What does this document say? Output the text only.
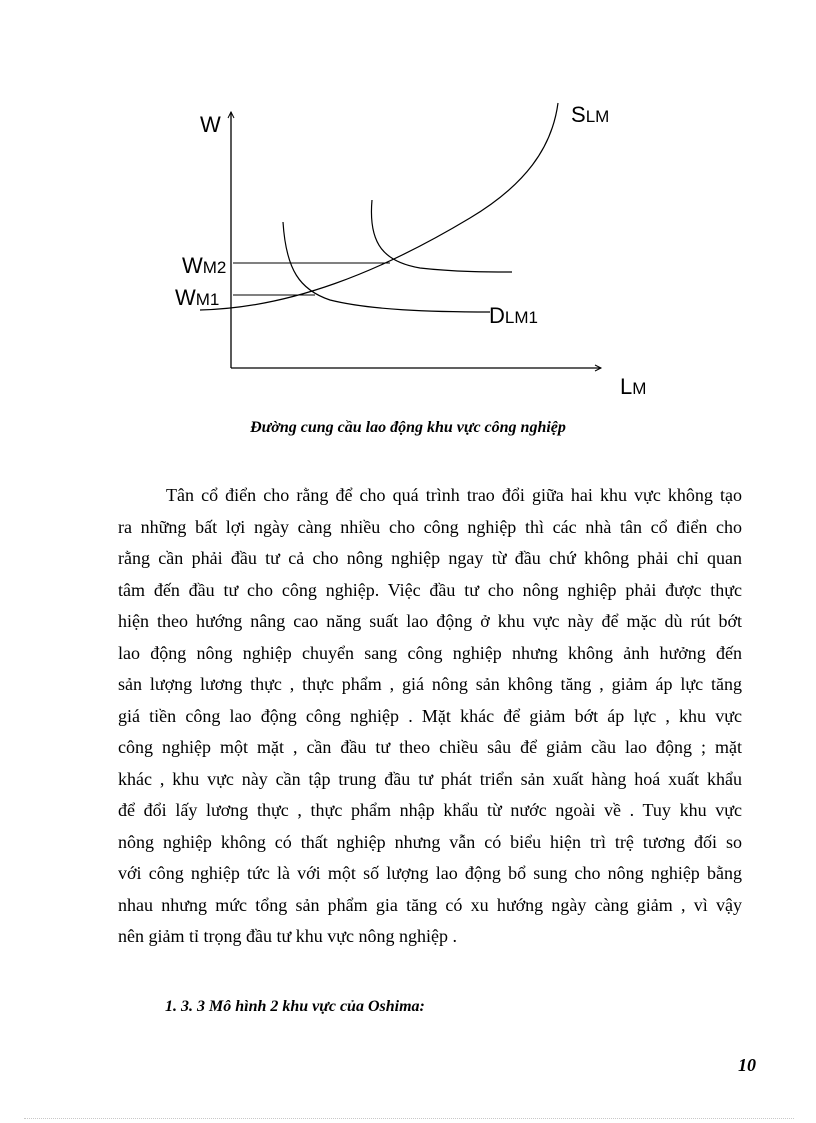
W	SLM
WM2
WM1
DLM1
LM
Đường cung cầu lao động khu vực công nghiệp
Tân cổ điển cho rằng để cho quá trình trao đổi giữa hai khu vực không tạo
ra những bất lợi ngày càng nhiều cho công nghiệp thì các nhà tân cổ điển cho
rằng cần phải đầu tư cả cho nông nghiệp ngay từ đầu chứ không phải chỉ quan
tâm đến đầu tư cho công nghiệp. Việc đầu tư cho nông nghiệp phải được thực
hiện theo hướng nâng cao năng suất lao động ở khu vực này để mặc dù rút bớt
lao động nông nghiệp chuyển sang công nghiệp nhưng không ảnh hưởng đến
sản lượng lương thực , thực phẩm , giá nông sản không tăng , giảm áp lực tăng
giá tiền công lao động công nghiệp . Mặt khác để giảm bớt áp lực , khu vực
công nghiệp một mặt , cần đầu tư theo chiều sâu để giảm cầu lao động ; mặt
khác , khu vực này cần tập trung đầu tư phát triển sản xuất hàng hoá xuất khẩu
để đổi lấy lương thực , thực phẩm nhập khẩu từ nước ngoài về . Tuy khu vực
nông nghiệp không có thất nghiệp nhưng vẫn có biểu hiện trì trệ tương đối so
với công nghiệp tức là với một số lượng lao động bổ sung cho nông nghiệp bằng
nhau nhưng mức tổng sản phẩm gia tăng có xu hướng ngày càng giảm , vì vậy
nên giảm tỉ trọng đầu tư khu vực nông nghiệp .
1. 3. 3 Mô hình 2 khu vực của Oshima:
10
